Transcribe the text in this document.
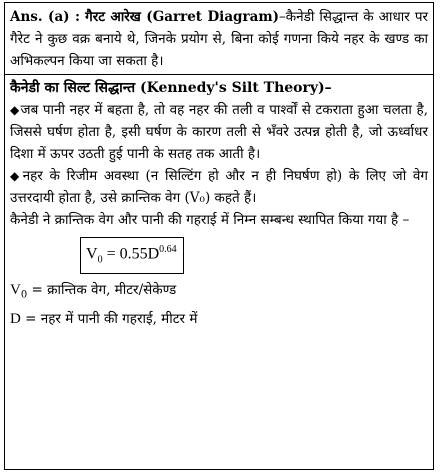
Ans. (a) : गैरट आरेख (Garret Diagram)–कैनेडी सिद्धान्त के आधार पर गैरेट ने कुछ वक्र बनाये थे, जिनके प्रयोग से, बिना कोई गणना किये नहर के खण्ड का अभिकल्पन किया जा सकता है।

कैनेडी का सिल्ट सिद्धान्त (Kennedy's Silt Theory)–

◆जब पानी नहर में बहता है, तो वह नहर की तली व पार्श्वों से टकराता हुआ चलता है, जिससे घर्षण होता है, इसी घर्षण के कारण तली से भँवरे उत्पन्न होती है, जो ऊर्ध्वाधर दिशा में ऊपर उठती हुई पानी के सतह तक आती है।

◆नहर के रिजीम अवस्था (न सिल्टिंग हो और न ही निघर्षण हो) के लिए जो वेग उत्तरदायी होता है, उसे क्रान्तिक वेग (V₀) कहते हैं।

कैनेडी ने क्रान्तिक वेग और पानी की गहराई में निम्न सम्बन्ध स्थापित किया गया है –

$V_0 = 0.55D^{0.64}$

$V_0$ = क्रान्तिक वेग, मीटर/सेकेण्ड
D = नहर में पानी की गहराई, मीटर में
